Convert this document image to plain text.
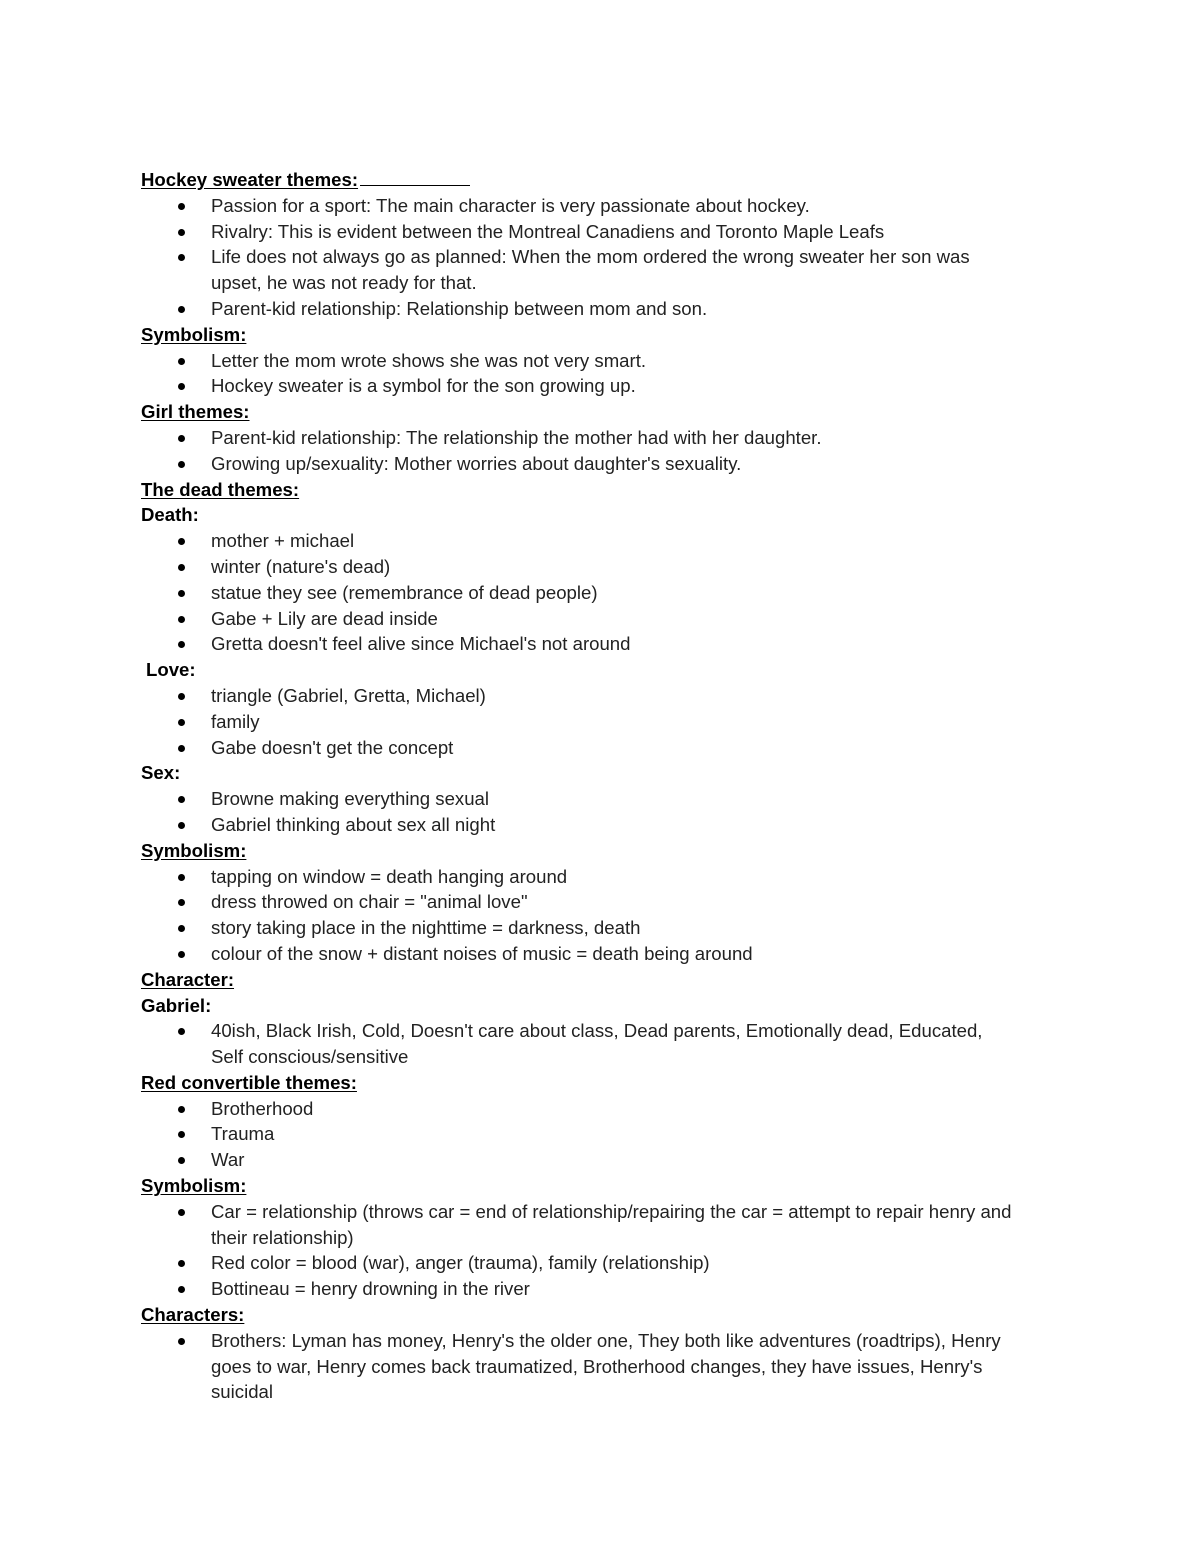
Hockey sweater themes:
Passion for a sport: The main character is very passionate about hockey.
Rivalry: This is evident between the Montreal Canadiens and Toronto Maple Leafs
Life does not always go as planned: When the mom ordered the wrong sweater her son was
upset, he was not ready for that.
Parent-kid relationship: Relationship between mom and son.
Symbolism:
Letter the mom wrote shows she was not very smart.
Hockey sweater is a symbol for the son growing up.
Girl themes:
Parent-kid relationship: The relationship the mother had with her daughter.
Growing up/sexuality: Mother worries about daughter's sexuality.
The dead themes:
Death:
mother + michael
winter (nature's dead)
statue they see (remembrance of dead people)
Gabe + Lily are dead inside
Gretta doesn't feel alive since Michael's not around
Love:
triangle (Gabriel, Gretta, Michael)
family
Gabe doesn't get the concept
Sex:
Browne making everything sexual
Gabriel thinking about sex all night
Symbolism:
tapping on window = death hanging around
dress throwed on chair = "animal love"
story taking place in the nighttime = darkness, death
colour of the snow + distant noises of music = death being around
Character:
Gabriel:
40ish, Black Irish, Cold, Doesn't care about class, Dead parents, Emotionally dead, Educated,
Self conscious/sensitive
Red convertible themes:
Brotherhood
Trauma
War
Symbolism:
Car = relationship (throws car = end of relationship/repairing the car = attempt to repair henry and
their relationship)
Red color = blood (war), anger (trauma), family (relationship)
Bottineau = henry drowning in the river
Characters:
Brothers: Lyman has money, Henry's the older one, They both like adventures (roadtrips), Henry
goes to war, Henry comes back traumatized, Brotherhood changes, they have issues, Henry's
suicidal
